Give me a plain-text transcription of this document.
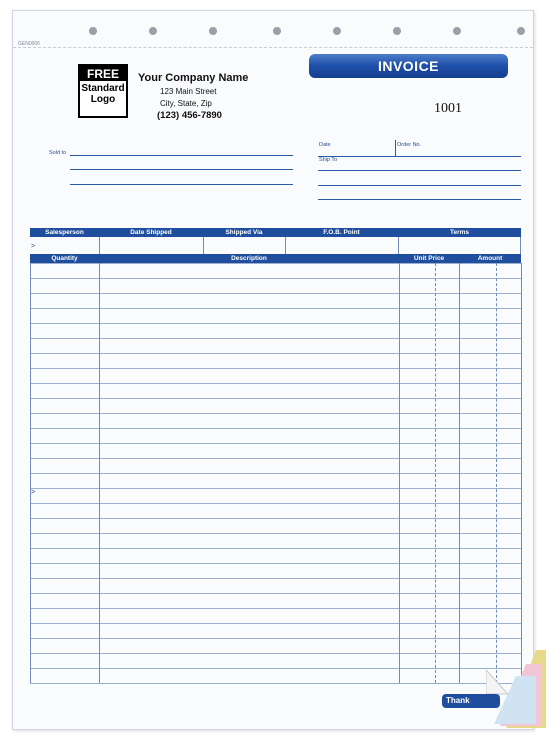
GEN0006
FREE
Standard
Logo
Your Company Name
123 Main Street
City, State, Zip
(123) 456-7890
INVOICE
1001
Sold to
Date	Order No.
Ship To
Salesperson	Date Shipped	Shipped Via	F.O.B. Point	Terms
>
Quantity	Description	Unit Price	Amount
>
Thank
